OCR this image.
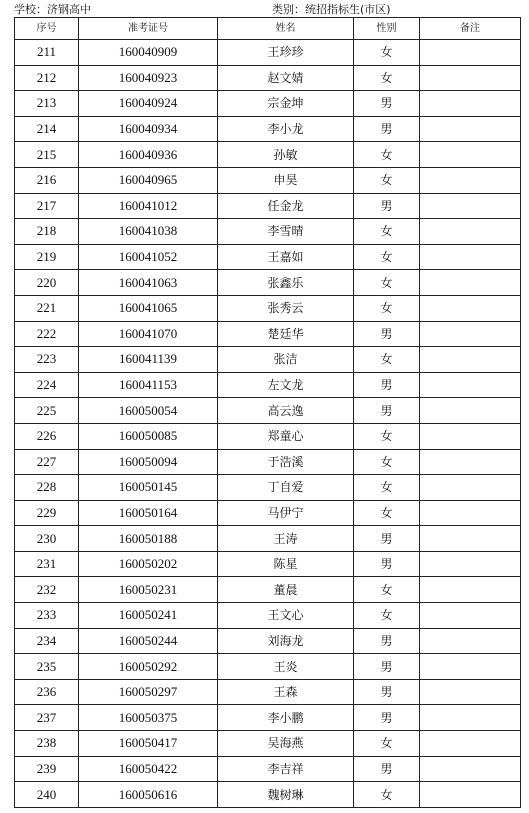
学校：济钢高中	类别：统招指标生(市区)
序号	准考证号	姓名	性别	备注
211	160040909	王珍珍	女	
212	160040923	赵文婧	女	
213	160040924	宗金坤	男	
214	160040934	李小龙	男	
215	160040936	孙敏	女	
216	160040965	申昊	女	
217	160041012	任金龙	男	
218	160041038	李雪晴	女	
219	160041052	王嘉如	女	
220	160041063	张鑫乐	女	
221	160041065	张秀云	女	
222	160041070	楚廷华	男	
223	160041139	张洁	女	
224	160041153	左文龙	男	
225	160050054	高云逸	男	
226	160050085	郑童心	女	
227	160050094	于浩溪	女	
228	160050145	丁自爱	女	
229	160050164	马伊宁	女	
230	160050188	王涛	男	
231	160050202	陈星	男	
232	160050231	董晨	女	
233	160050241	王文心	女	
234	160050244	刘海龙	男	
235	160050292	王炎	男	
236	160050297	王森	男	
237	160050375	李小鹏	男	
238	160050417	吴海燕	女	
239	160050422	李吉祥	男	
240	160050616	魏树琳	女	
